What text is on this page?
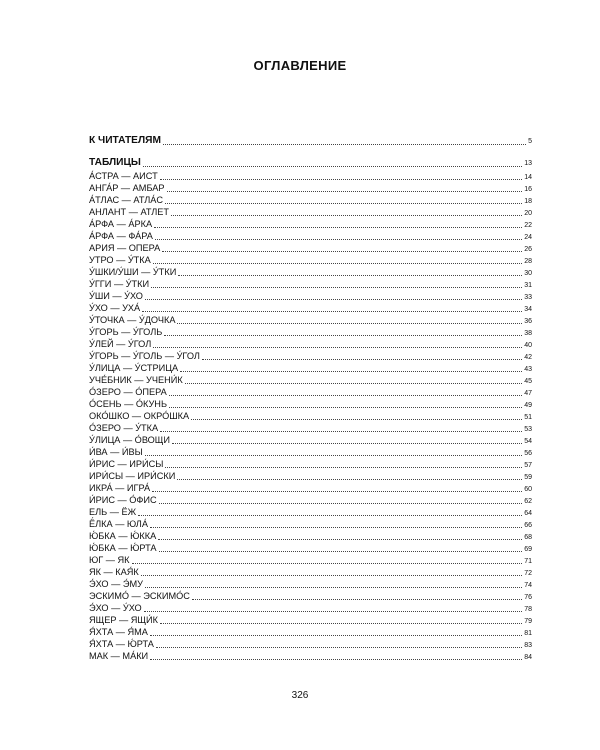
ОГЛАВЛЕНИЕ
К ЧИТАТЕЛЯМ	5
ТАБЛИЦЫ	13
А́СТРА — АИСТ	14
АНГА́Р — АМБАР	16
А́ТЛАС — АТЛА́С	18
АНЛАНТ — АТЛЕТ	20
А́РФА — А́РКА	22
А́РФА — ФА́РА	24
АРИЯ — ОПЕРА	26
УТРО — У́ТКА	28
У́ШКИ/У́ШИ — У́ТКИ	30
У́ГГИ — У́ТКИ	31
У́ШИ — У́ХО	33
У́ХО — УХА́	34
У́ТОЧКА — У́ДОЧКА	36
У́ГОРЬ — У́ГОЛЬ	38
У́ЛЕЙ — У́ГОЛ	40
У́ГОРЬ — У́ГОЛЬ — У́ГОЛ	42
У́ЛИЦА — У́СТРИЦА	43
УЧЕ́БНИК — УЧЕНИ́К	45
О́ЗЕРО — О́ПЕРА	47
О́СЕНЬ — О́КУНЬ	49
ОКО́ШКО — ОКРО́ШКА	51
О́ЗЕРО — У́ТКА	53
У́ЛИЦА — О́ВОЩИ	54
И́ВА — И́ВЫ	56
И́РИС — ИРИ́СЫ	57
ИРИ́СЫ — ИРИ́СКИ	59
ИКРА́ — ИГРА́	60
И́РИС — О́ФИС	62
ЕЛЬ — ЁЖ	64
Ё́ЛКА — ЮЛА́	66
Ю́БКА — Ю́ККА	68
Ю́БКА — Ю́РТА	69
ЮГ — ЯК	71
ЯК — КАЯ́К	72
Э́ХО — Э́МУ	74
ЭСКИМО́ — ЭСКИМО́С	76
Э́ХО — У́ХО	78
ЯЩЕР — ЯЩИ́К	79
Я́ХТА — Я́МА	81
Я́ХТА — Ю́РТА	83
МАК — МА́КИ	84
326
